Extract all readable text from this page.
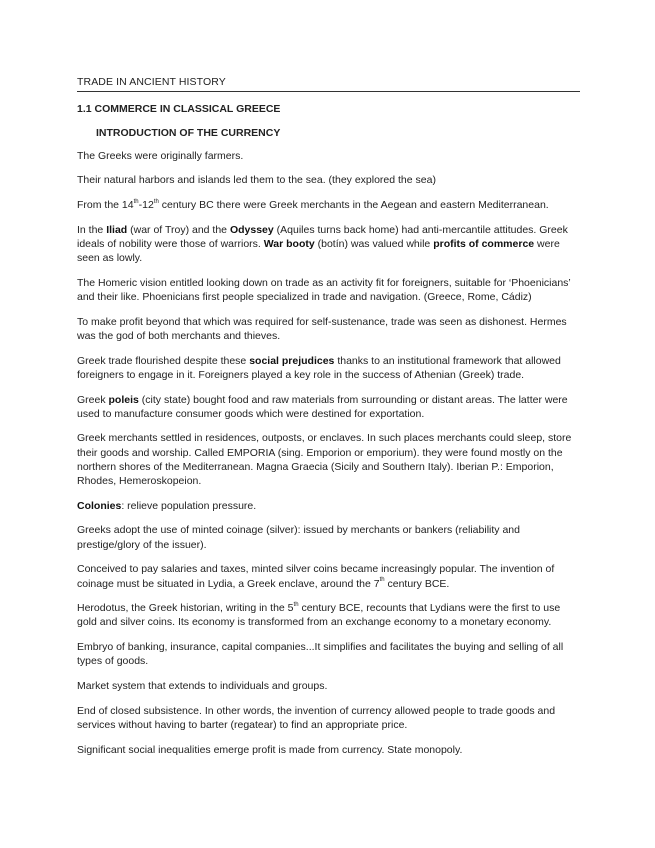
TRADE IN ANCIENT HISTORY
1.1 COMMERCE IN CLASSICAL GREECE
INTRODUCTION OF THE CURRENCY

The Greeks were originally farmers.

Their natural harbors and islands led them to the sea. (they explored the sea)

From the 14th-12th century BC there were Greek merchants in the Aegean and eastern Mediterranean.

In the Iliad (war of Troy) and the Odyssey (Aquiles turns back home) had anti-mercantile attitudes. Greek ideals of nobility were those of warriors. War booty (botín) was valued while profits of commerce were seen as lowly.

The Homeric vision entitled looking down on trade as an activity fit for foreigners, suitable for ‘Phoenicians’ and their like. Phoenicians first people specialized in trade and navigation. (Greece, Rome, Cádiz)

To make profit beyond that which was required for self-sustenance, trade was seen as dishonest. Hermes was the god of both merchants and thieves.

Greek trade flourished despite these social prejudices thanks to an institutional framework that allowed foreigners to engage in it. Foreigners played a key role in the success of Athenian (Greek) trade.

Greek poleis (city state) bought food and raw materials from surrounding or distant areas. The latter were used to manufacture consumer goods which were destined for exportation.

Greek merchants settled in residences, outposts, or enclaves. In such places merchants could sleep, store their goods and worship. Called EMPORIA (sing. Emporion or emporium). they were found mostly on the northern shores of the Mediterranean. Magna Graecia (Sicily and Southern Italy). Iberian P.: Emporion, Rhodes, Hemeroskopeion.

Colonies: relieve population pressure.

Greeks adopt the use of minted coinage (silver): issued by merchants or bankers (reliability and prestige/glory of the issuer).

Conceived to pay salaries and taxes, minted silver coins became increasingly popular. The invention of coinage must be situated in Lydia, a Greek enclave, around the 7th century BCE.

Herodotus, the Greek historian, writing in the 5th century BCE, recounts that Lydians were the first to use gold and silver coins. Its economy is transformed from an exchange economy to a monetary economy.

Embryo of banking, insurance, capital companies...It simplifies and facilitates the buying and selling of all types of goods.

Market system that extends to individuals and groups.

End of closed subsistence. In other words, the invention of currency allowed people to trade goods and services without having to barter (regatear) to find an appropriate price.

Significant social inequalities emerge profit is made from currency. State monopoly.
